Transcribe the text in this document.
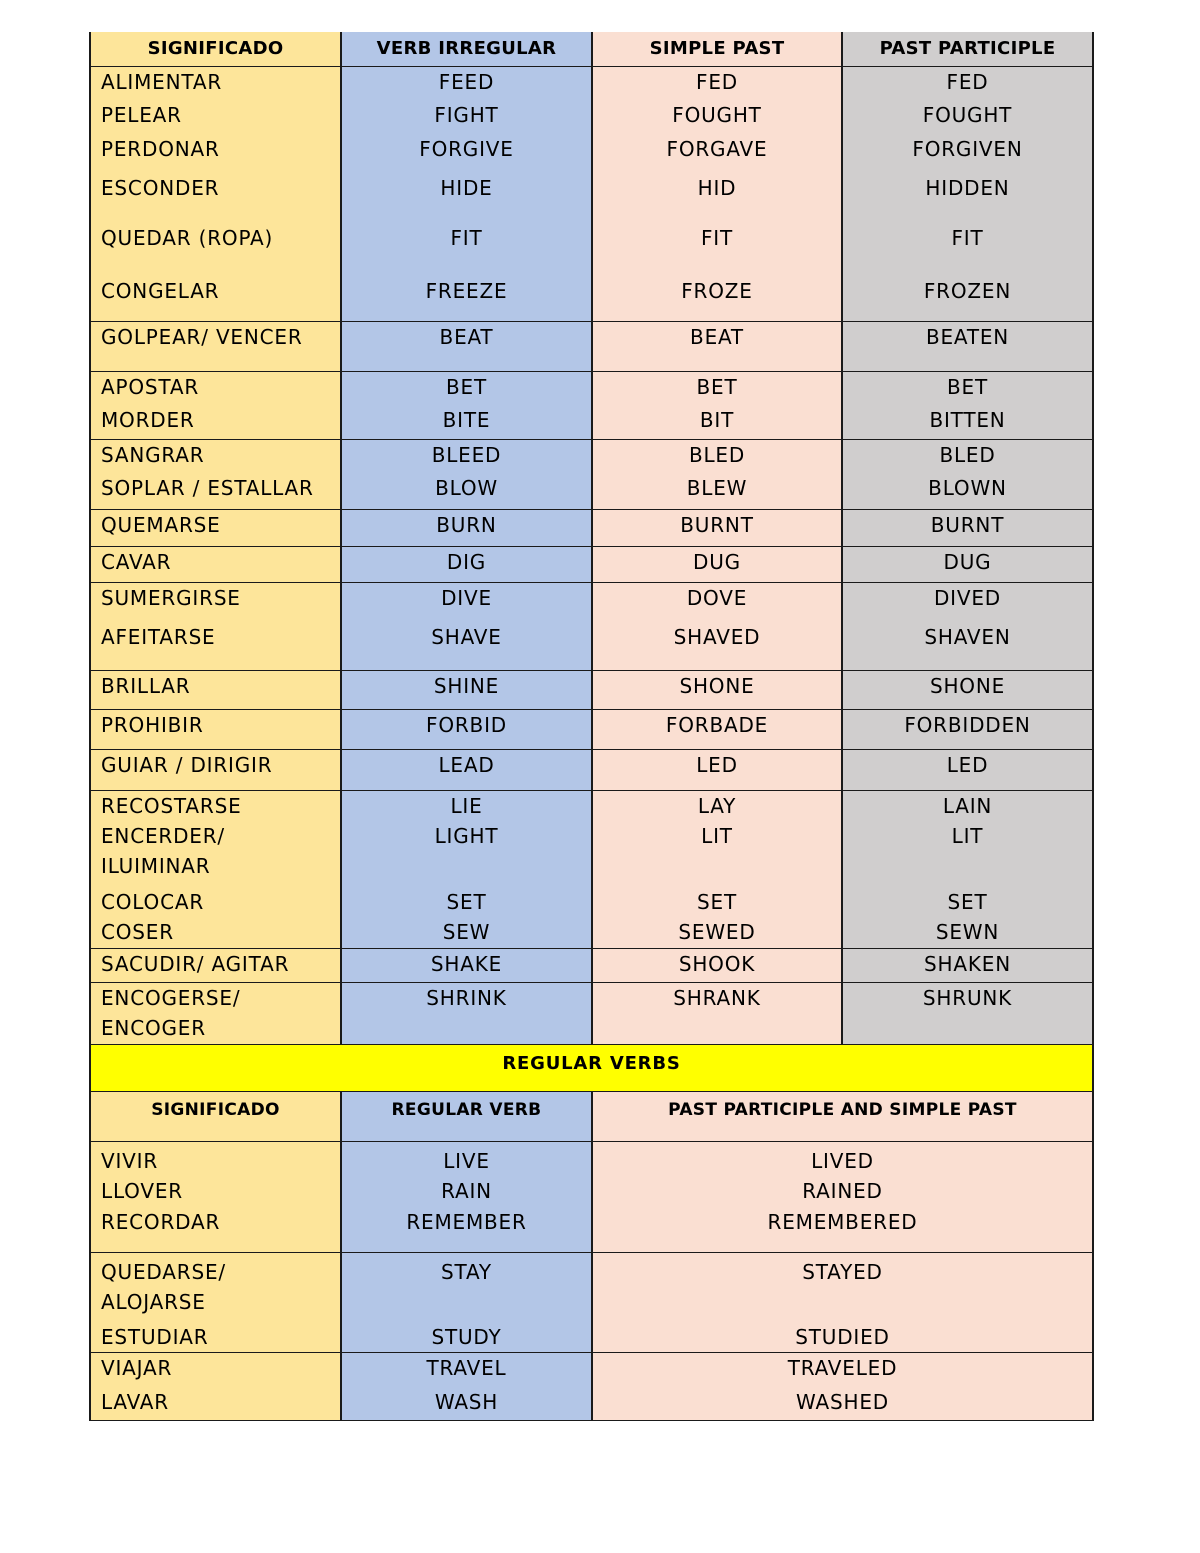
SIGNIFICADO	VERB IRREGULAR	SIMPLE PAST	PAST PARTICIPLE

ALIMENTAR	FEED	FED	FED

PELEAR	FIGHT	FOUGHT	FOUGHT

PERDONAR	FORGIVE	FORGAVE	FORGIVEN

ESCONDER	HIDE	HID	HIDDEN

QUEDAR (ROPA)	FIT	FIT	FIT

CONGELAR	FREEZE	FROZE	FROZEN

GOLPEAR/ VENCER	BEAT	BEAT	BEATEN

APOSTAR	BET	BET	BET

MORDER	BITE	BIT	BITTEN

SANGRAR	BLEED	BLED	BLED

SOPLAR / ESTALLAR	BLOW	BLEW	BLOWN

QUEMARSE	BURN	BURNT	BURNT

CAVAR	DIG	DUG	DUG

SUMERGIRSE	DIVE	DOVE	DIVED

AFEITARSE	SHAVE	SHAVED	SHAVEN

BRILLAR	SHINE	SHONE	SHONE

PROHIBIR	FORBID	FORBADE	FORBIDDEN

GUIAR / DIRIGIR	LEAD	LED	LED

RECOSTARSE	LIE	LAY	LAIN

ENCERDER/
ILUIMINAR	LIGHT	LIT	LIT

COLOCAR	SET	SET	SET

COSER	SEW	SEWED	SEWN

SACUDIR/ AGITAR	SHAKE	SHOOK	SHAKEN

ENCOGERSE/
ENCOGER	SHRINK	SHRANK	SHRUNK

REGULAR VERBS			
SIGNIFICADO	REGULAR VERB	PAST PARTICIPLE AND SIMPLE PAST	

VIVIR	LIVE	LIVED	

LLOVER	RAIN	RAINED	

RECORDAR	REMEMBER	REMEMBERED	

QUEDARSE/
ALOJARSE	STAY	STAYED	

ESTUDIAR	STUDY	STUDIED	

VIAJAR	TRAVEL	TRAVELED	

LAVAR	WASH	WASHED	
